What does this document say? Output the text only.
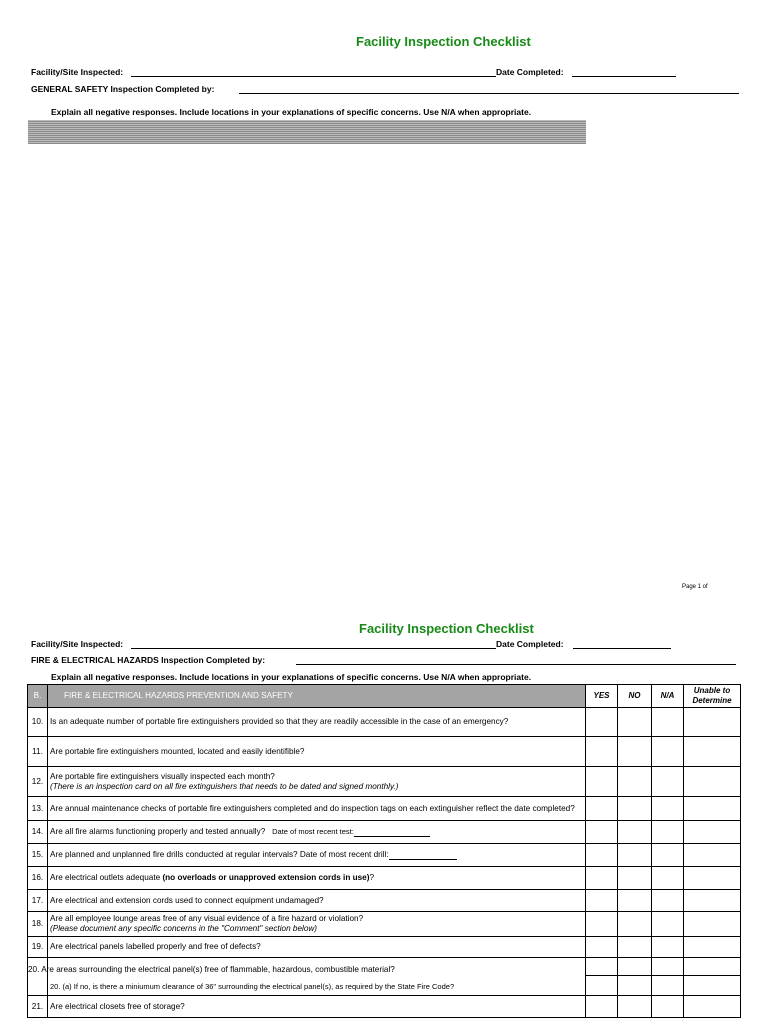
Facility Inspection Checklist
Facility/Site Inspected:	Date Completed:
GENERAL SAFETY Inspection Completed by:
Explain all negative responses. Include locations in your explanations of specific concerns. Use N/A when appropriate.
Page 1 of
Facility Inspection Checklist
Facility/Site Inspected:	Date Completed:
FIRE & ELECTRICAL HAZARDS Inspection Completed by:
Explain all negative responses. Include locations in your explanations of specific concerns. Use N/A when appropriate.
B.	FIRE & ELECTRICAL HAZARDS PREVENTION AND SAFETY	YES	NO	N/A	Unable to
Determine
10.	Is an adequate number of portable fire extinguishers provided so that they are readily accessible in the case of an emergency?				
11.	Are portable fire extinguishers mounted, located and easily identifible?				
12.	Are portable fire extinguishers visually inspected each month?
(There is an inspection card on all fire extinguishers that needs to be dated and signed monthly.)				
13.	Are annual maintenance checks of portable fire extinguishers completed and do inspection tags on each extinguisher reflect the date completed?				
14.	Are all fire alarms functioning properly and tested annually? Date of most recent test:				
15.	Are planned and unplanned fire drills conducted at regular intervals? Date of most recent drill:				
16.	Are electrical outlets adequate (no overloads or unapproved extension cords in use)?				
17.	Are electrical and extension cords used to connect equipment undamaged?				
18.	Are all employee lounge areas free of any visual evidence of a fire hazard or violation?
(Please document any specific concerns in the "Comment" section below)				
19.	Are electrical panels labelled properly and free of defects?				
	20. Are areas surrounding the electrical panel(s) free of flammable, hazardous, combustible material?
20. (a) If no, is there a miniumum clearance of 36" surrounding the electrical panel(s), as required by the State Fire Code?	

21.	Are electrical closets free of storage?				
